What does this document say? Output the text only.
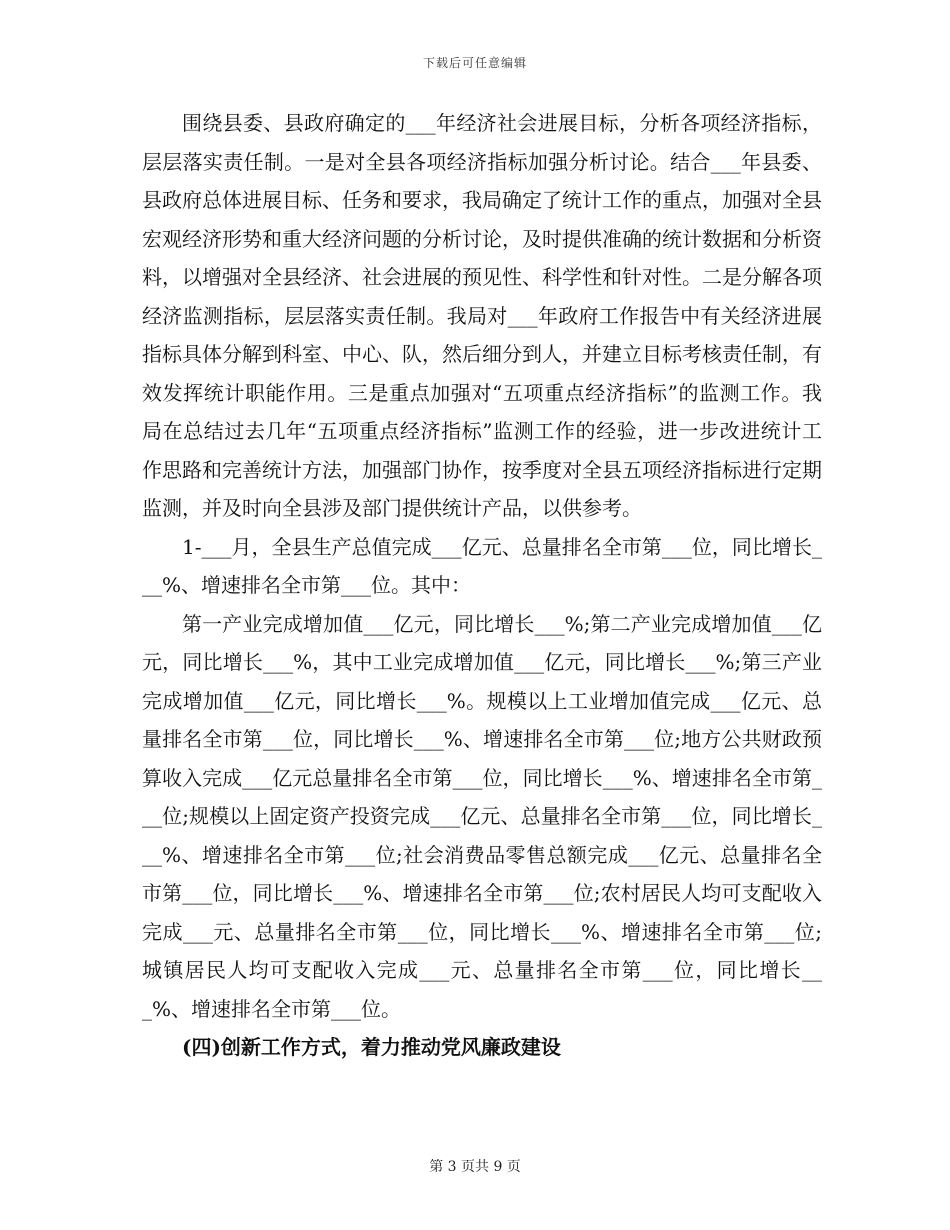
下载后可任意编辑

围绕县委、县政府确定的___年经济社会进展目标，分析各项经济指标，层层落实责任制。一是对全县各项经济指标加强分析讨论。结合___年县委、县政府总体进展目标、任务和要求，我局确定了统计工作的重点，加强对全县宏观经济形势和重大经济问题的分析讨论，及时提供准确的统计数据和分析资料，以增强对全县经济、社会进展的预见性、科学性和针对性。二是分解各项经济监测指标，层层落实责任制。我局对___年政府工作报告中有关经济进展指标具体分解到科室、中心、队，然后细分到人，并建立目标考核责任制，有效发挥统计职能作用。三是重点加强对“五项重点经济指标”的监测工作。我局在总结过去几年“五项重点经济指标”监测工作的经验，进一步改进统计工作思路和完善统计方法，加强部门协作，按季度对全县五项经济指标进行定期监测，并及时向全县涉及部门提供统计产品，以供参考。

1-___月，全县生产总值完成___亿元、总量排名全市第___位，同比增长___%、增速排名全市第___位。其中：

第一产业完成增加值___亿元，同比增长___%;第二产业完成增加值___亿元，同比增长___%，其中工业完成增加值___亿元，同比增长___%;第三产业完成增加值___亿元，同比增长___%。规模以上工业增加值完成___亿元、总量排名全市第___位，同比增长___%、增速排名全市第___位;地方公共财政预算收入完成___亿元总量排名全市第___位，同比增长___%、增速排名全市第___位;规模以上固定资产投资完成___亿元、总量排名全市第___位，同比增长___%、增速排名全市第___位;社会消费品零售总额完成___亿元、总量排名全市第___位，同比增长___%、增速排名全市第___位;农村居民人均可支配收入完成___元、总量排名全市第___位，同比增长___%、增速排名全市第___位;城镇居民人均可支配收入完成___元、总量排名全市第___位，同比增长___%、增速排名全市第___位。

(四)创新工作方式，着力推动党风廉政建设

第 3 页共 9 页
